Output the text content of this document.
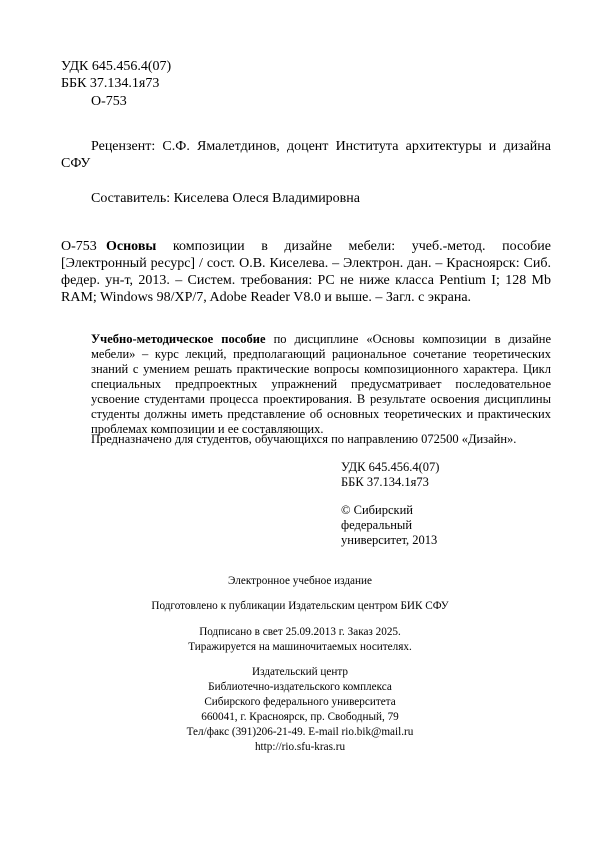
УДК 645.456.4(07)
ББК 37.134.1я73
О-753
Рецензент: С.Ф. Ямалетдинов, доцент Института архитектуры и дизайна СФУ
Составитель: Киселева Олеся Владимировна
О-753 Основы композиции в дизайне мебели: учеб.-метод. пособие [Электронный ресурс] / сост. О.В. Киселева. – Электрон. дан. – Красноярск: Сиб. федер. ун-т, 2013. – Систем. требования: PC не ниже класса Pentium I; 128 Mb RAM; Windows 98/XP/7, Adobe Reader V8.0 и выше. – Загл. с экрана.
Учебно-методическое пособие по дисциплине «Основы композиции в дизайне мебели» – курс лекций, предполагающий рациональное сочетание теоретических знаний с умением решать практические вопросы композиционного характера. Цикл специальных предпроектных упражнений предусматривает последовательное усвоение студентами процесса проектирования. В результате освоения дисциплины студенты должны иметь представление об основных теоретических и практических проблемах композиции и ее составляющих.
Предназначено для студентов, обучающихся по направлению 072500 «Дизайн».
УДК 645.456.4(07)
ББК 37.134.1я73
© Сибирский
федеральный
университет, 2013
Электронное учебное издание
Подготовлено к публикации Издательским центром БИК СФУ
Подписано в свет 25.09.2013 г. Заказ 2025.
Тиражируется на машиночитаемых носителях.
Издательский центр
Библиотечно-издательского комплекса
Сибирского федерального университета
660041, г. Красноярск, пр. Свободный, 79
Тел/факс (391)206-21-49. E-mail rio.bik@mail.ru
http://rio.sfu-kras.ru
